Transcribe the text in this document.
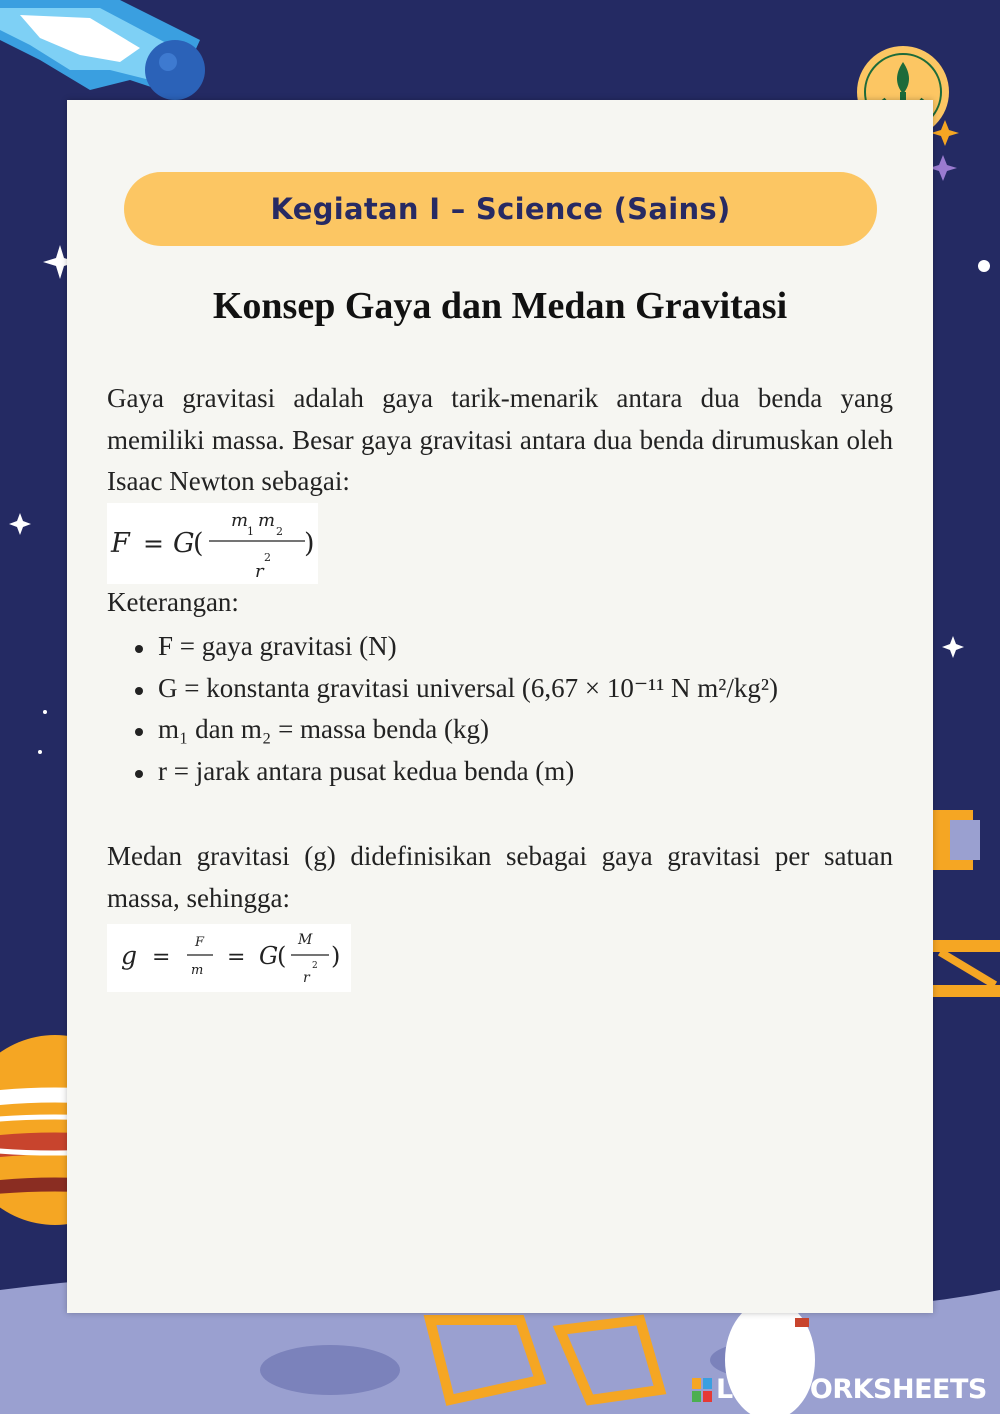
Kegiatan I – Science (Sains)
Konsep Gaya dan Medan Gravitasi

Gaya gravitasi adalah gaya tarik-menarik antara dua benda yang memiliki massa. Besar gaya gravitasi antara dua benda dirumuskan oleh Isaac Newton sebagai:

F = G
(
m
1
m
2
r
2 )
Keterangan:
F = gaya gravitasi (N)
G = konstanta gravitasi universal (6,67 × 10⁻¹¹ N m²/kg²)
m₁ dan m₂ = massa benda (kg)
r = jarak antara pusat kedua benda (m)

Medan gravitasi (g) didefinisikan sebagai gaya gravitasi per satuan massa, sehingga:

g =
F
m
= G
(
M
r
2 )
LIVEWORKSHEETS
